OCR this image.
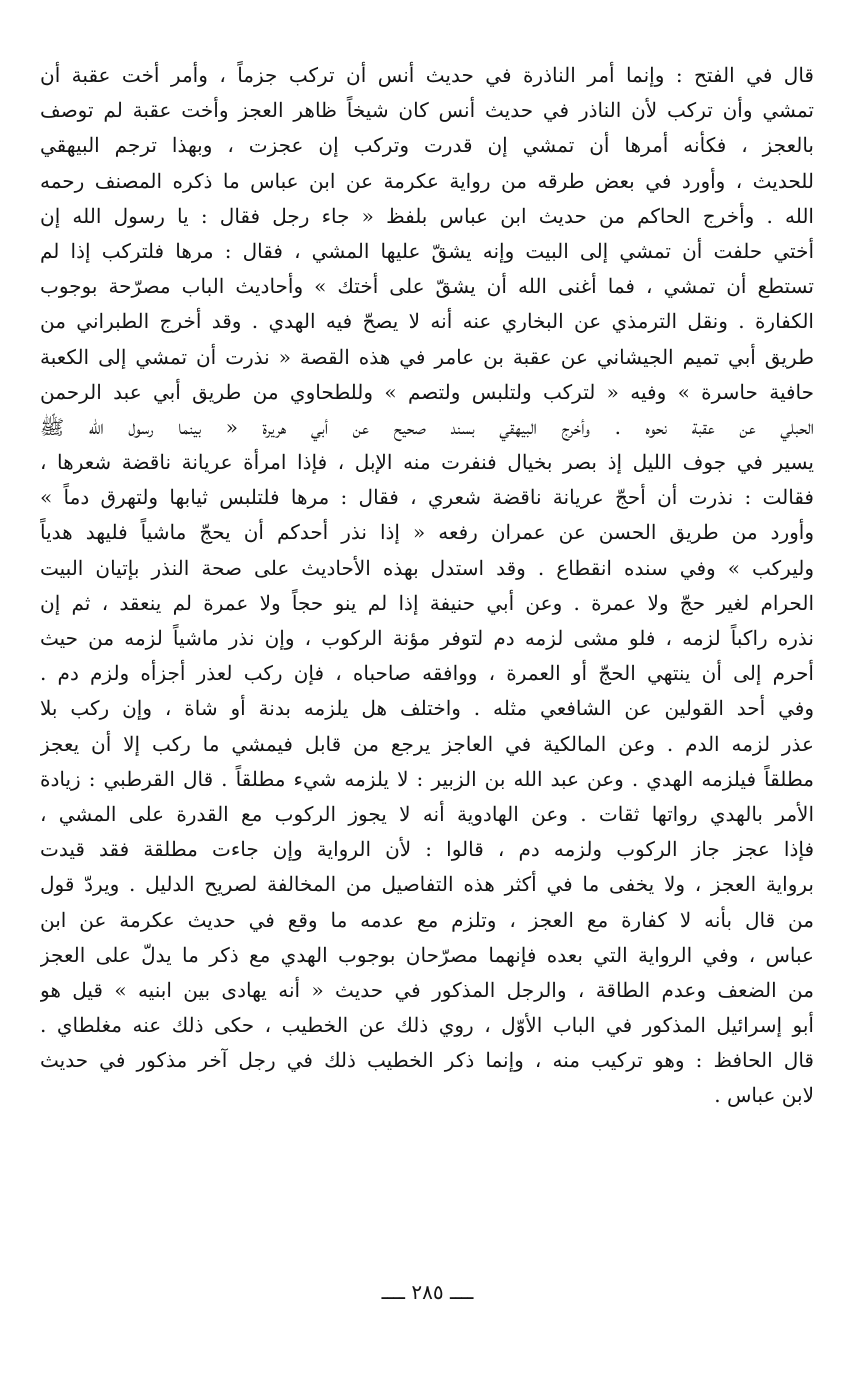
قال في الفتح : وإنما أمر الناذرة في حديث أنس أن تركب جزماً ، وأمر أخت عقبة أن
تمشي وأن تركب لأن الناذر في حديث أنس كان شيخاً ظاهر العجز وأخت عقبة لم توصف
بالعجز ، فكأنه أمرها أن تمشي إن قدرت وتركب إن عجزت ، وبهذا ترجم البيهقي
للحديث ، وأورد في بعض طرقه من رواية عكرمة عن ابن عباس ما ذكره المصنف رحمه
الله . وأخرج الحاكم من حديث ابن عباس بلفظ « جاء رجل فقال : يا رسول الله إن
أختي حلفت أن تمشي إلى البيت وإنه يشقّ عليها المشي ، فقال : مرها فلتركب إذا لم
تستطع أن تمشي ، فما أغنى الله أن يشقّ على أختك » وأحاديث الباب مصرّحة بوجوب
الكفارة . ونقل الترمذي عن البخاري عنه أنه لا يصحّ فيه الهدي . وقد أخرج الطبراني من
طريق أبي تميم الجيشاني عن عقبة بن عامر في هذه القصة « نذرت أن تمشي إلى الكعبة
حافية حاسرة » وفيه « لتركب ولتلبس ولتصم » وللطحاوي من طريق أبي عبد الرحمن
الحبلي عن عقبة نحوه . وأخرج البيهقي بسند صحيح عن أبي هريرة « بينما رسول الله ﷺ
يسير في جوف الليل إذ بصر بخيال فنفرت منه الإبل ، فإذا امرأة عريانة ناقضة شعرها ،
فقالت : نذرت أن أحجّ عريانة ناقضة شعري ، فقال : مرها فلتلبس ثيابها ولتهرق دماً »
وأورد من طريق الحسن عن عمران رفعه « إذا نذر أحدكم أن يحجّ ماشياً فليهد هدياً
وليركب » وفي سنده انقطاع . وقد استدل بهذه الأحاديث على صحة النذر بإتيان البيت
الحرام لغير حجّ ولا عمرة . وعن أبي حنيفة إذا لم ينو حجاً ولا عمرة لم ينعقد ، ثم إن
نذره راكباً لزمه ، فلو مشى لزمه دم لتوفر مؤنة الركوب ، وإن نذر ماشياً لزمه من حيث
أحرم إلى أن ينتهي الحجّ أو العمرة ، ووافقه صاحباه ، فإن ركب لعذر أجزأه ولزم دم .
وفي أحد القولين عن الشافعي مثله . واختلف هل يلزمه بدنة أو شاة ، وإن ركب بلا
عذر لزمه الدم . وعن المالكية في العاجز يرجع من قابل فيمشي ما ركب إلا أن يعجز
مطلقاً فيلزمه الهدي . وعن عبد الله بن الزبير : لا يلزمه شيء مطلقاً . قال القرطبي : زيادة
الأمر بالهدي رواتها ثقات . وعن الهادوية أنه لا يجوز الركوب مع القدرة على المشي ،
فإذا عجز جاز الركوب ولزمه دم ، قالوا : لأن الرواية وإن جاءت مطلقة فقد قيدت
برواية العجز ، ولا يخفى ما في أكثر هذه التفاصيل من المخالفة لصريح الدليل . ويردّ قول
من قال بأنه لا كفارة مع العجز ، وتلزم مع عدمه ما وقع في حديث عكرمة عن ابن
عباس ، وفي الرواية التي بعده فإنهما مصرّحان بوجوب الهدي مع ذكر ما يدلّ على العجز
من الضعف وعدم الطاقة ، والرجل المذكور في حديث « أنه يهادى بين ابنيه » قيل هو
أبو إسرائيل المذكور في الباب الأوّل ، روي ذلك عن الخطيب ، حكى ذلك عنه مغلطاي .
قال الحافظ : وهو تركيب منه ، وإنما ذكر الخطيب ذلك في رجل آخر مذكور في حديث
لابن عباس .
ــــ ٢٨٥ ــــ
